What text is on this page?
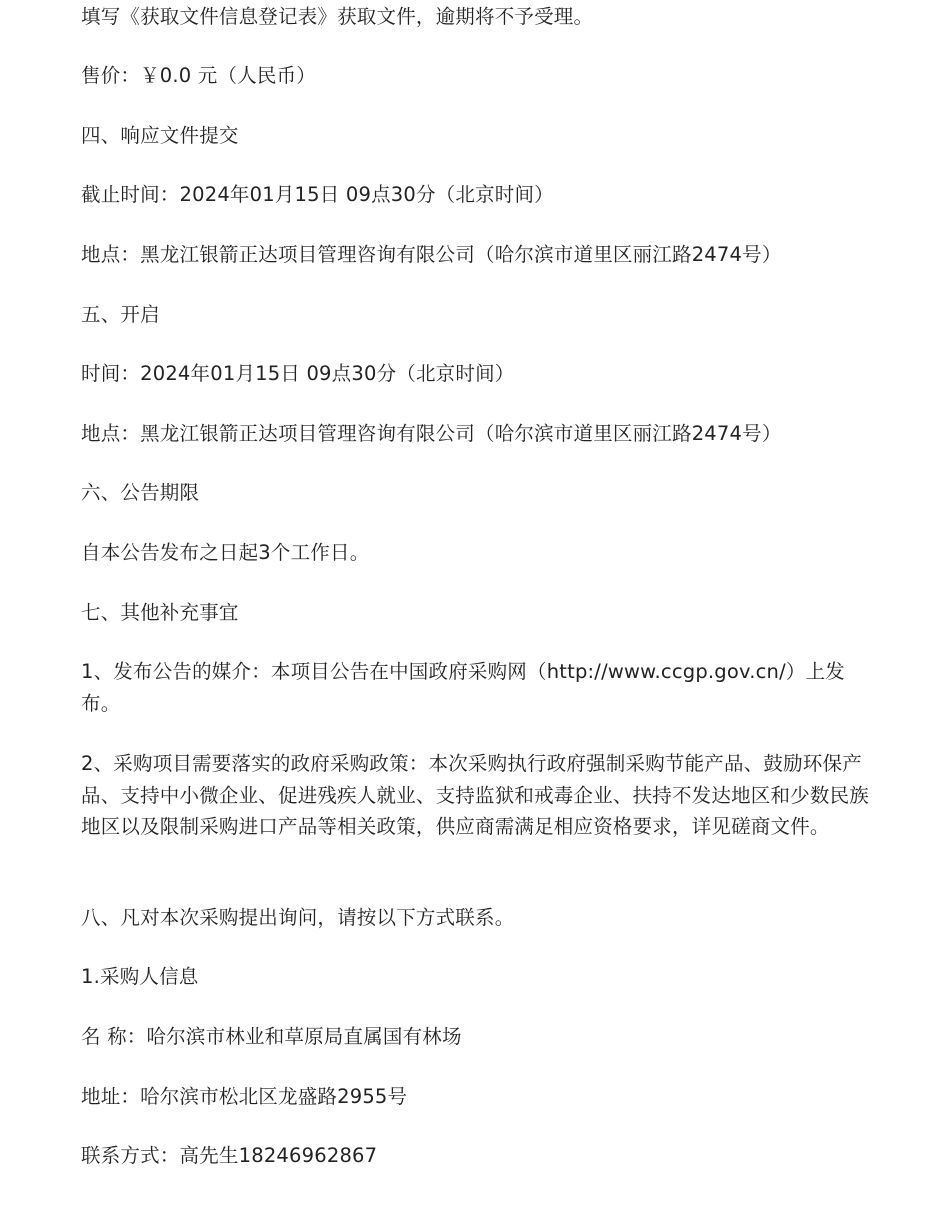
填写《获取文件信息登记表》获取文件，逾期将不予受理。

售价：￥0.0 元（人民币）

四、响应文件提交

截止时间：2024年01月15日 09点30分（北京时间）

地点：黑龙江银箭正达项目管理咨询有限公司（哈尔滨市道里区丽江路2474号）

五、开启

时间：2024年01月15日 09点30分（北京时间）

地点：黑龙江银箭正达项目管理咨询有限公司（哈尔滨市道里区丽江路2474号）

六、公告期限

自本公告发布之日起3个工作日。

七、其他补充事宜

1、发布公告的媒介：本项目公告在中国政府采购网（http://www.ccgp.gov.cn/）上发布。

2、采购项目需要落实的政府采购政策：本次采购执行政府强制采购节能产品、鼓励环保产品、支持中小微企业、促进残疾人就业、支持监狱和戒毒企业、扶持不发达地区和少数民族地区以及限制采购进口产品等相关政策，供应商需满足相应资格要求，详见磋商文件。

八、凡对本次采购提出询问，请按以下方式联系。

1.采购人信息

名 称：哈尔滨市林业和草原局直属国有林场

地址：哈尔滨市松北区龙盛路2955号

联系方式：高先生18246962867
